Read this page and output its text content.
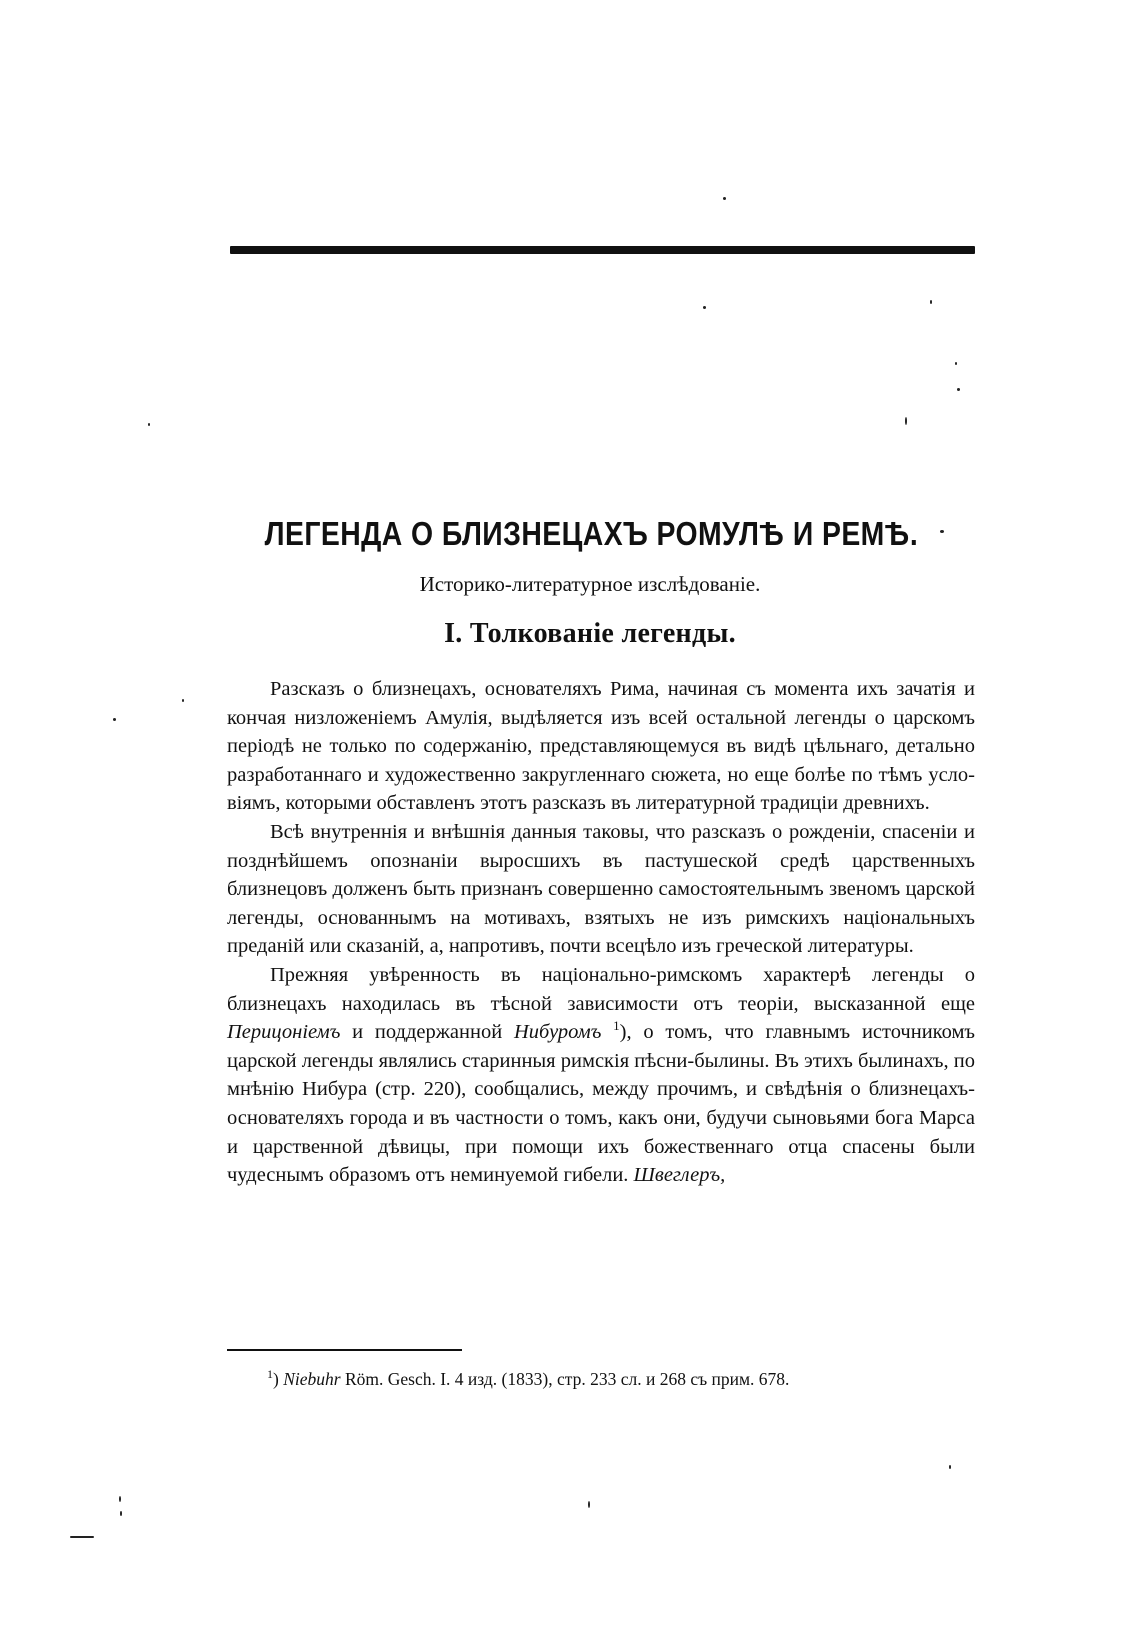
ЛЕГЕНДА О БЛИЗНЕЦАХЪ РОМУЛѢ И РЕМѢ.
Историко-литературное изслѣдованіе.
I. Толкованіе легенды.

Разсказъ о близнецахъ, основателяхъ Рима, начиная съ момента ихъ зачатія и кончая низложеніемъ Амулія, выдѣляется изъ всей остальной легенды о царскомъ періодѣ не только по содержанію, представляющемуся въ видѣ цѣльнаго, детально разработаннаго и художественно закругленнаго сюжета, но еще болѣе по тѣмъ условіямъ, которыми обставленъ этотъ разсказъ въ литературной традиціи древнихъ.

Всѣ внутреннія и внѣшнія данныя таковы, что разсказъ о рожденіи, спасеніи и позднѣйшемъ опознаніи выросшихъ въ пастушеской средѣ царственныхъ близнецовъ долженъ быть признанъ совершенно самостоятельнымъ звеномъ царской легенды, основаннымъ на мотивахъ, взятыхъ не изъ римскихъ національныхъ преданій или сказаній, а, напротивъ, почти всецѣло изъ греческой литературы.

Прежняя увѣренность въ національно-римскомъ характерѣ легенды о близнецахъ находилась въ тѣсной зависимости отъ теоріи, высказанной еще Перицоніемъ и поддержанной Нибуромъ $^1$), о томъ, что главнымъ источникомъ царской легенды являлись старинныя римскія пѣсни-былины. Въ этихъ былинахъ, по мнѣнію Нибура (стр. 220), сообщались, между прочимъ, и свѣдѣнія о близнецахъ-основателяхъ города и въ частности о томъ, какъ они, будучи сыновьями бога Марса и царственной дѣвицы, при помощи ихъ божественнаго отца спасены были чудеснымъ образомъ отъ неминуемой гибели. Швеглеръ,

$^1$) Niebuhr Röm. Gesch. I. 4 изд. (1833), стр. 233 сл. и 268 съ прим. 678.
